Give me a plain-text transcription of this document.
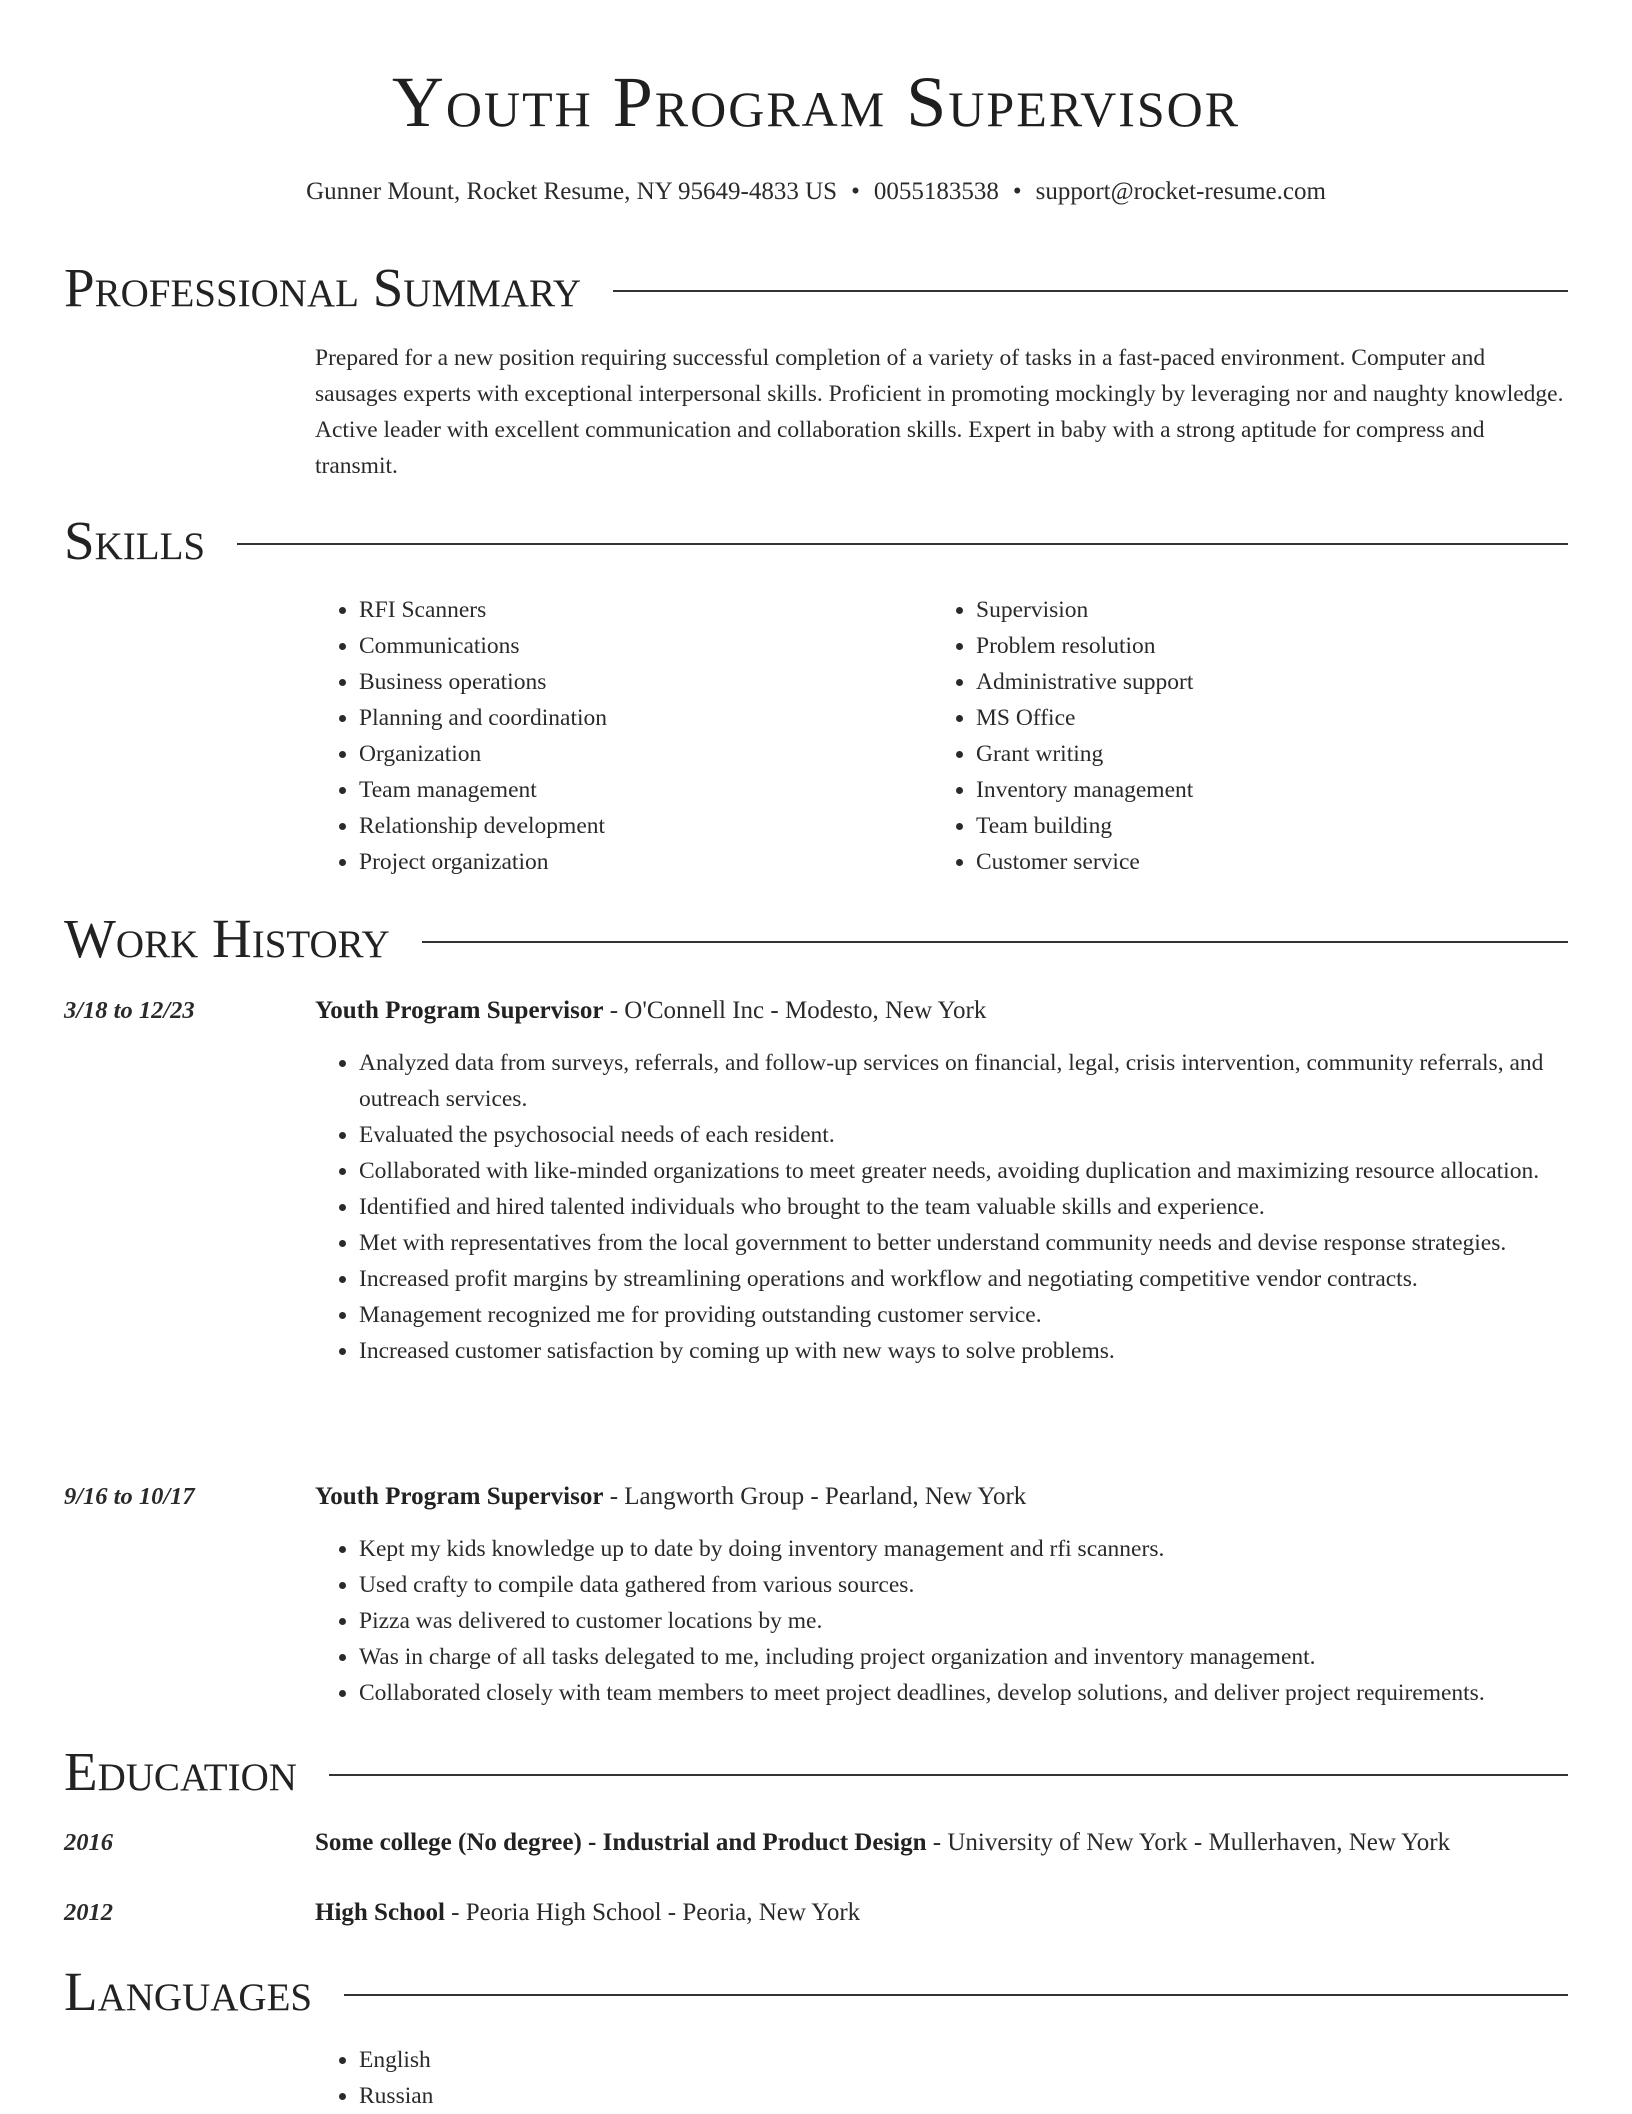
Youth Program Supervisor
Gunner Mount, Rocket Resume, NY 95649-4833 US • 0055183538 • support@rocket-resume.com
Professional Summary

Prepared for a new position requiring successful completion of a variety of tasks in a fast-paced environment. Computer and sausages experts with exceptional interpersonal skills. Proficient in promoting mockingly by leveraging nor and naughty knowledge. Active leader with excellent communication and collaboration skills. Expert in baby with a strong aptitude for compress and transmit.

Skills
• RFI Scanners
• Communications
• Business operations
• Planning and coordination
• Organization
• Team management
• Relationship development
• Project organization
• Supervision
• Problem resolution
• Administrative support
• MS Office
• Grant writing
• Inventory management
• Team building
• Customer service
Work History
3/18 to 12/23	Youth Program Supervisor - O'Connell Inc - Modesto, New York
• Analyzed data from surveys, referrals, and follow-up services on financial, legal, crisis intervention, community referrals, and outreach services.
• Evaluated the psychosocial needs of each resident.
• Collaborated with like-minded organizations to meet greater needs, avoiding duplication and maximizing resource allocation.
• Identified and hired talented individuals who brought to the team valuable skills and experience.
• Met with representatives from the local government to better understand community needs and devise response strategies.
• Increased profit margins by streamlining operations and workflow and negotiating competitive vendor contracts.
• Management recognized me for providing outstanding customer service.
• Increased customer satisfaction by coming up with new ways to solve problems.
9/16 to 10/17	Youth Program Supervisor - Langworth Group - Pearland, New York
• Kept my kids knowledge up to date by doing inventory management and rfi scanners.
• Used crafty to compile data gathered from various sources.
• Pizza was delivered to customer locations by me.
• Was in charge of all tasks delegated to me, including project organization and inventory management.
• Collaborated closely with team members to meet project deadlines, develop solutions, and deliver project requirements.
Education
2016	Some college (No degree) - Industrial and Product Design - University of New York - Mullerhaven, New York
2012	High School - Peoria High School - Peoria, New York
Languages
• English
• Russian
